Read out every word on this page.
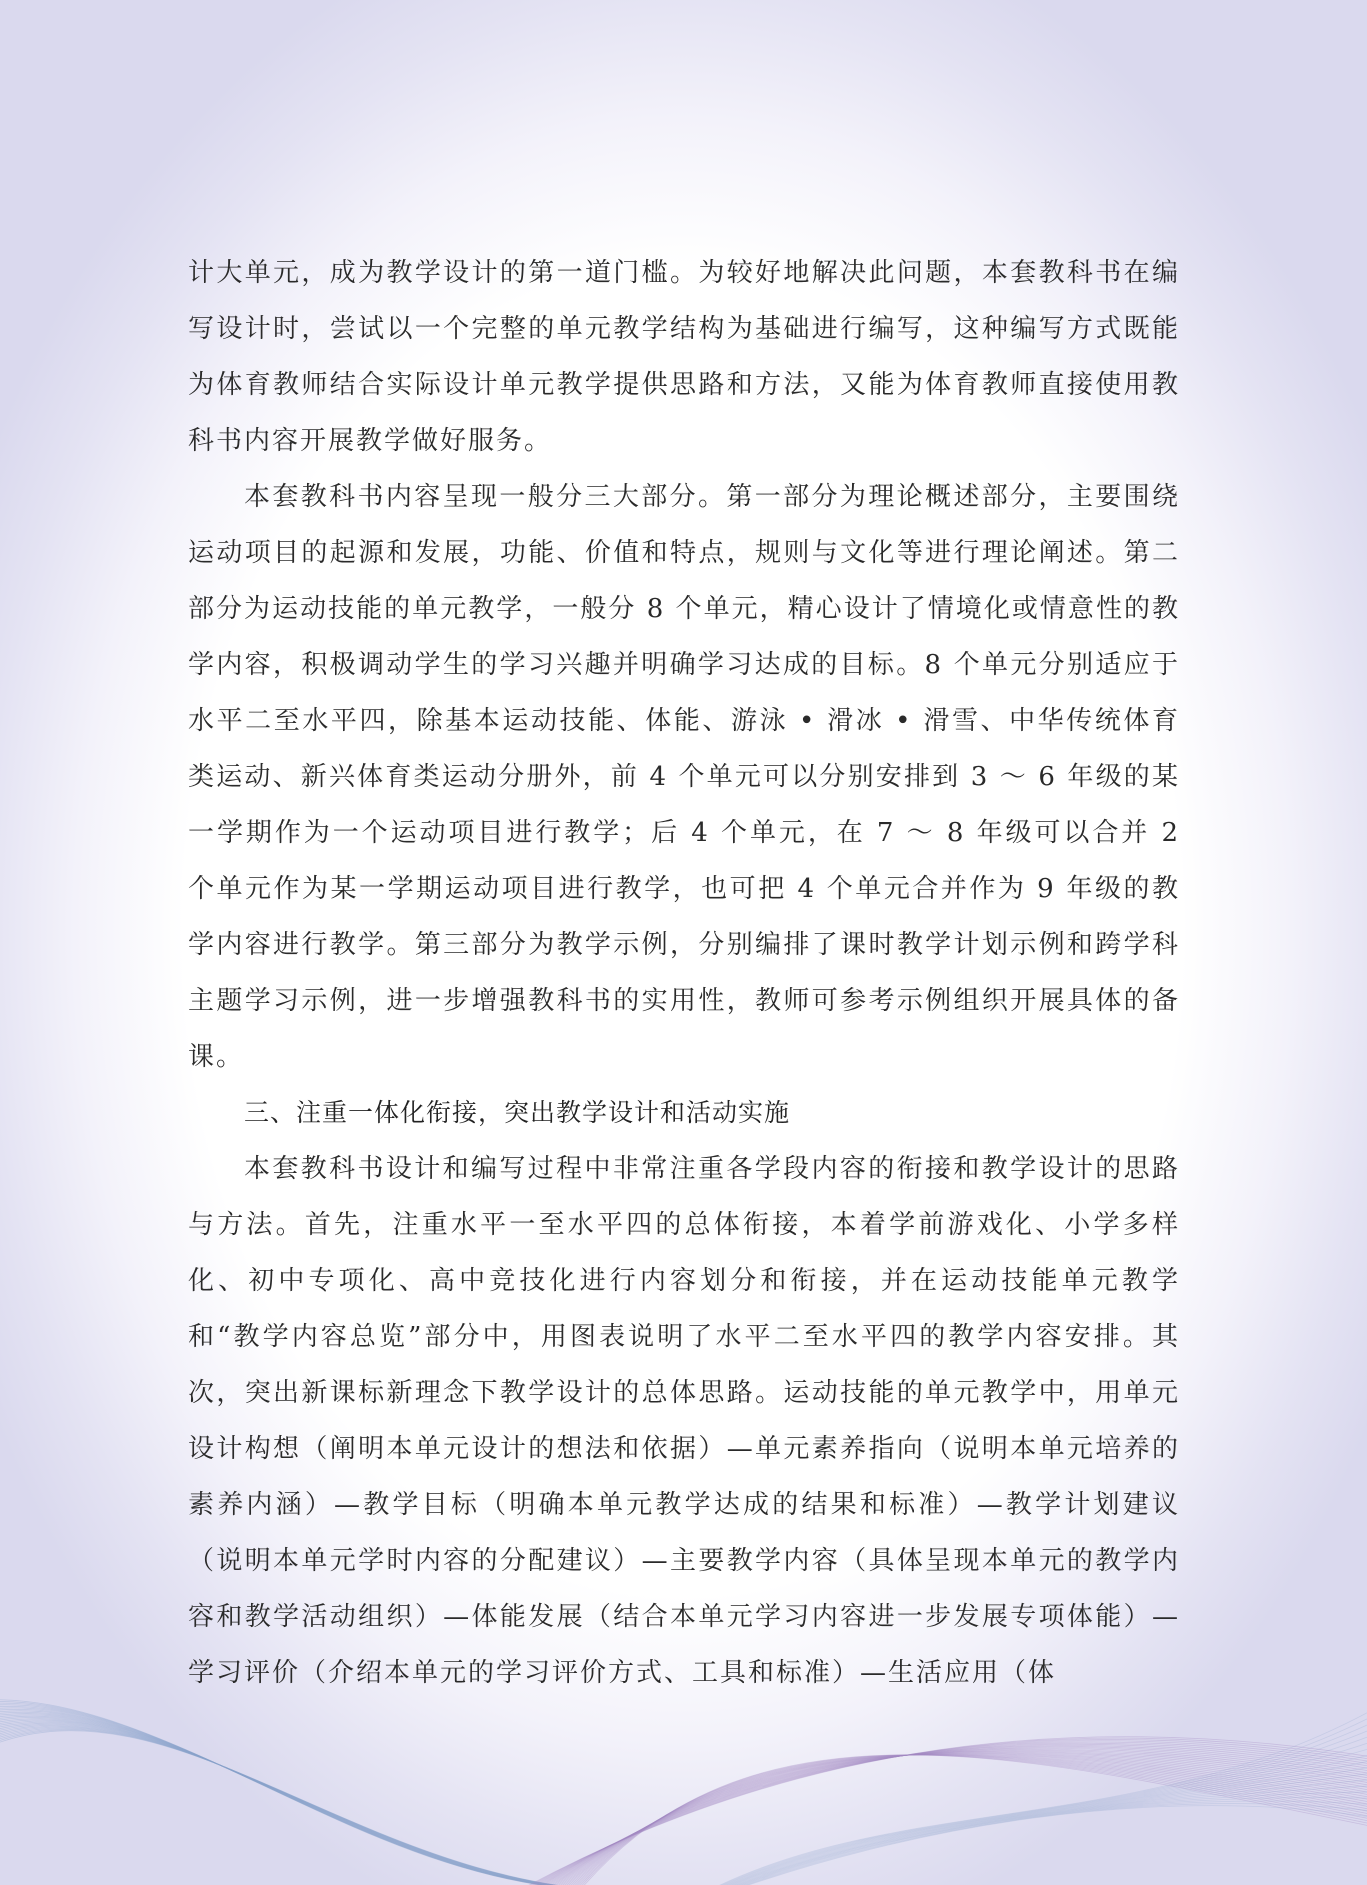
计大单元，成为教学设计的第一道门槛。为较好地解决此问题，本套教科书在编写设计时，尝试以一个完整的单元教学结构为基础进行编写，这种编写方式既能为体育教师结合实际设计单元教学提供思路和方法，又能为体育教师直接使用教科书内容开展教学做好服务。

本套教科书内容呈现一般分三大部分。第一部分为理论概述部分，主要围绕运动项目的起源和发展，功能、价值和特点，规则与文化等进行理论阐述。第二部分为运动技能的单元教学，一般分 8 个单元，精心设计了情境化或情意性的教学内容，积极调动学生的学习兴趣并明确学习达成的目标。8 个单元分别适应于水平二至水平四，除基本运动技能、体能、游泳 • 滑冰 • 滑雪、中华传统体育类运动、新兴体育类运动分册外，前 4 个单元可以分别安排到 3 ～ 6 年级的某一学期作为一个运动项目进行教学；后 4 个单元，在 7 ～ 8 年级可以合并 2 个单元作为某一学期运动项目进行教学，也可把 4 个单元合并作为 9 年级的教学内容进行教学。第三部分为教学示例，分别编排了课时教学计划示例和跨学科主题学习示例，进一步增强教科书的实用性，教师可参考示例组织开展具体的备课。

三、注重一体化衔接，突出教学设计和活动实施

本套教科书设计和编写过程中非常注重各学段内容的衔接和教学设计的思路与方法。首先，注重水平一至水平四的总体衔接，本着学前游戏化、小学多样化、初中专项化、高中竞技化进行内容划分和衔接，并在运动技能单元教学和“教学内容总览”部分中，用图表说明了水平二至水平四的教学内容安排。其次，突出新课标新理念下教学设计的总体思路。运动技能的单元教学中，用单元设计构想（阐明本单元设计的想法和依据）—单元素养指向（说明本单元培养的素养内涵）—教学目标（明确本单元教学达成的结果和标准）—教学计划建议（说明本单元学时内容的分配建议）—主要教学内容（具体呈现本单元的教学内容和教学活动组织）—体能发展（结合本单元学习内容进一步发展专项体能）—学习评价（介绍本单元的学习评价方式、工具和标准）—生活应用（体
